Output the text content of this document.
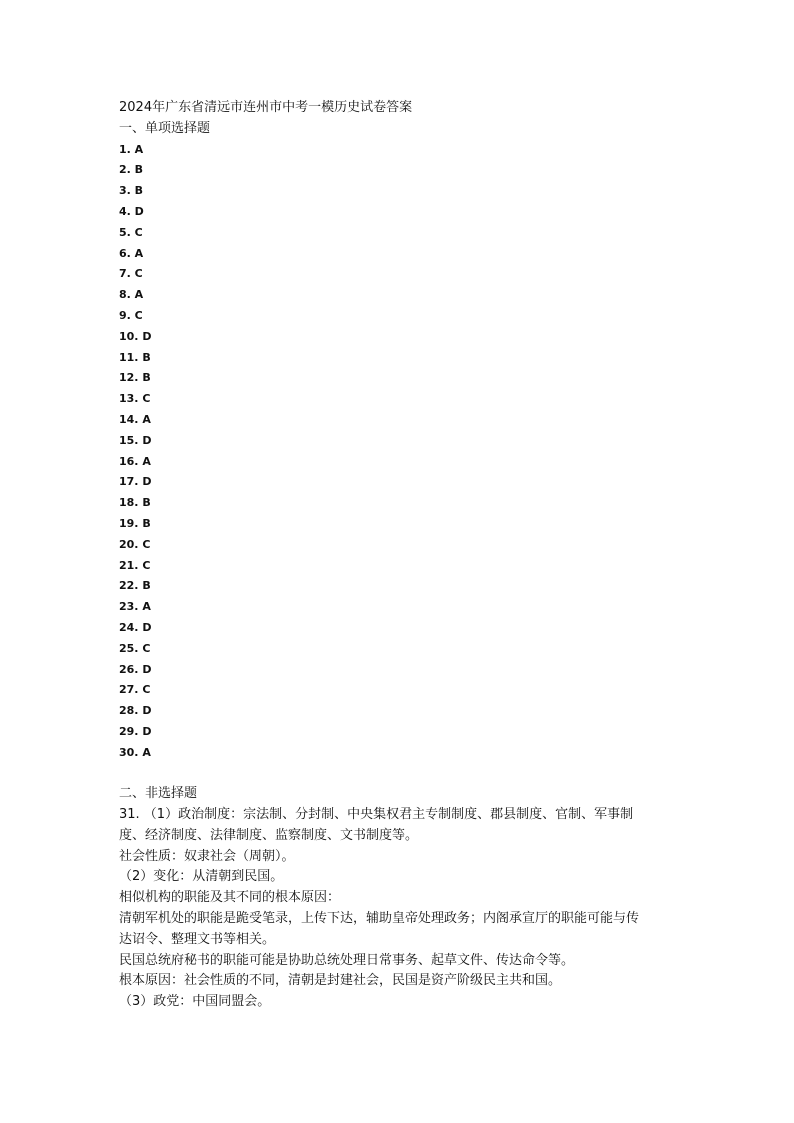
2024年广东省清远市连州市中考一模历史试卷答案

一、单项选择题

1. A
2. B
3. B
4. D
5. C
6. A
7. C
8. A
9. C
10. D
11. B
12. B
13. C
14. A
15. D
16. A
17. D
18. B
19. B
20. C
21. C
22. B
23. A
24. D
25. C
26. D
27. C
28. D
29. D
30. A

二、非选择题

31. （1）政治制度：宗法制、分封制、中央集权君主专制制度、郡县制度、官制、军事制

度、经济制度、法律制度、监察制度、文书制度等。

社会性质：奴隶社会（周朝）。

（2）变化：从清朝到民国。

相似机构的职能及其不同的根本原因：

清朝军机处的职能是跪受笔录，上传下达，辅助皇帝处理政务；内阁承宣厅的职能可能与传

达诏令、整理文书等相关。

民国总统府秘书的职能可能是协助总统处理日常事务、起草文件、传达命令等。

根本原因：社会性质的不同，清朝是封建社会，民国是资产阶级民主共和国。

（3）政党：中国同盟会。
